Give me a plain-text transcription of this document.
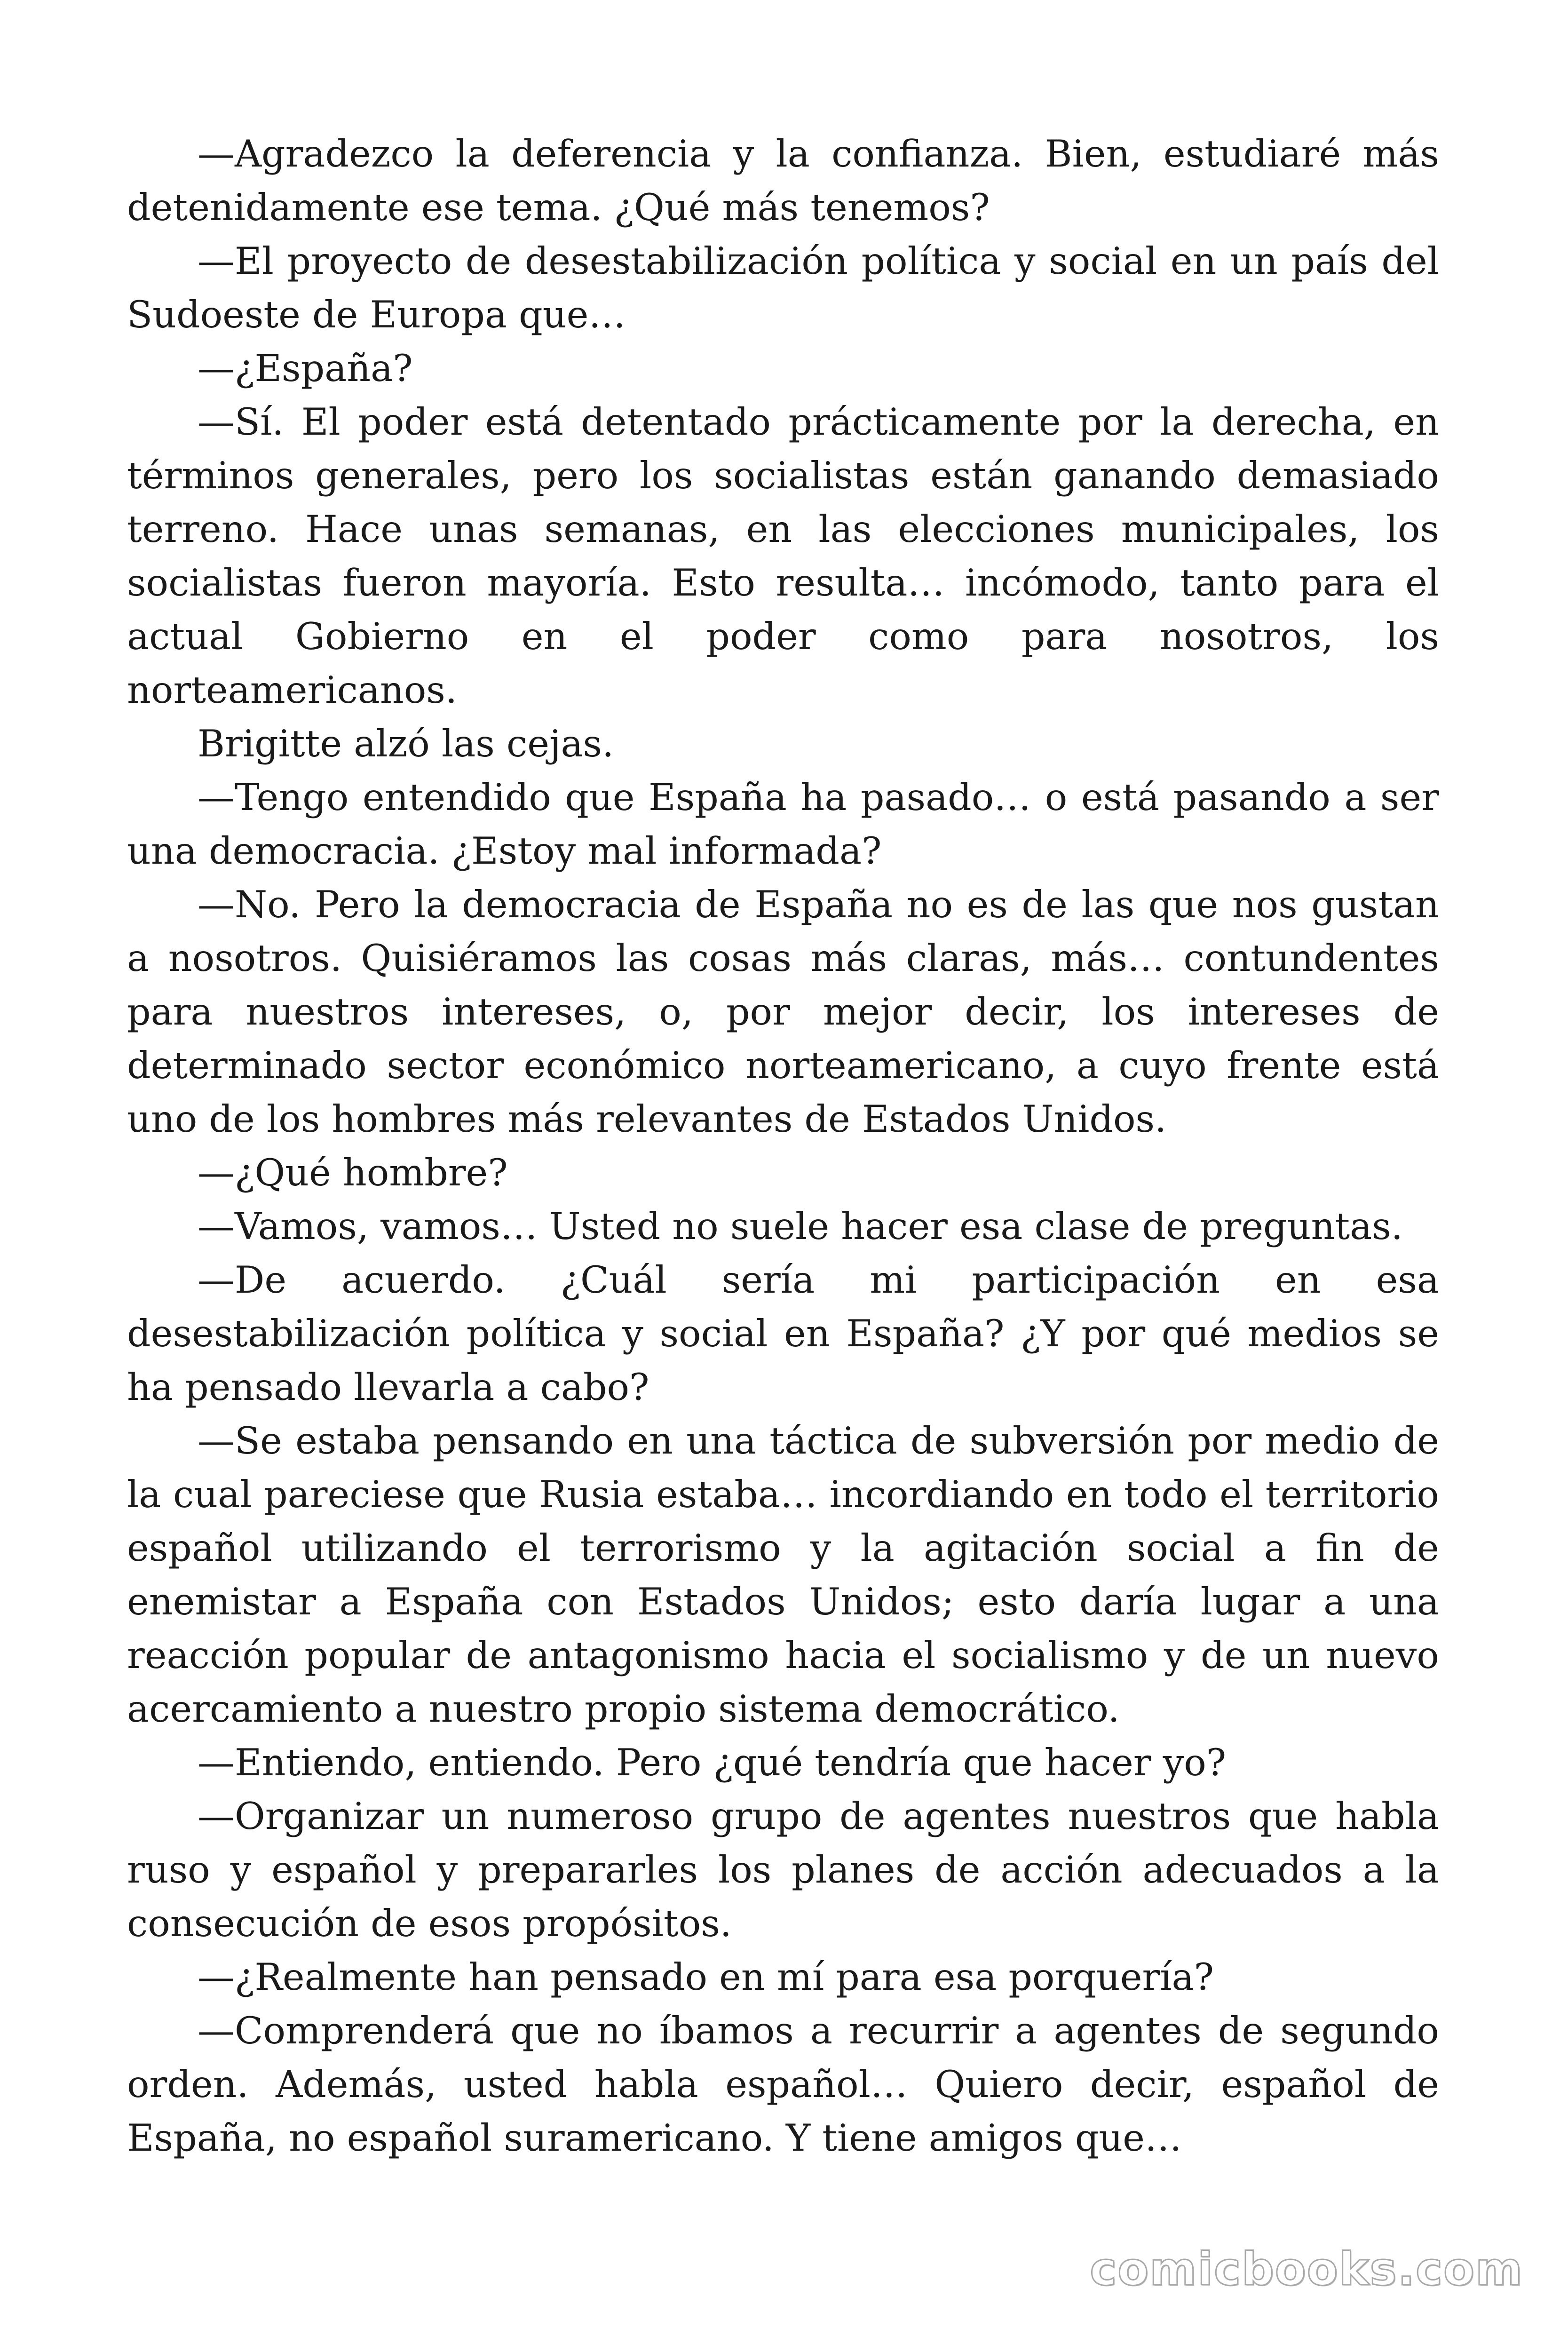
—Agradezco la deferencia y la confianza. Bien, estudiaré más detenidamente ese tema. ¿Qué más tenemos?

—El proyecto de desestabilización política y social en un país del Sudoeste de Europa que…

—¿España?

—Sí. El poder está detentado prácticamente por la derecha, en términos generales, pero los socialistas están ganando demasiado terreno. Hace unas semanas, en las elecciones municipales, los socialistas fueron mayoría. Esto resulta… incómodo, tanto para el actual Gobierno en el poder como para nosotros, los norteamericanos.

Brigitte alzó las cejas.

—Tengo entendido que España ha pasado… o está pasando a ser una democracia. ¿Estoy mal informada?

—No. Pero la democracia de España no es de las que nos gustan a nosotros. Quisiéramos las cosas más claras, más… contundentes para nuestros intereses, o, por mejor decir, los intereses de determinado sector económico norteamericano, a cuyo frente está uno de los hombres más relevantes de Estados Unidos.

—¿Qué hombre?

—Vamos, vamos… Usted no suele hacer esa clase de preguntas.

—De acuerdo. ¿Cuál sería mi participación en esa desestabilización política y social en España? ¿Y por qué medios se ha pensado llevarla a cabo?

—Se estaba pensando en una táctica de subversión por medio de la cual pareciese que Rusia estaba… incordiando en todo el territorio español utilizando el terrorismo y la agitación social a fin de enemistar a España con Estados Unidos; esto daría lugar a una reacción popular de antagonismo hacia el socialismo y de un nuevo acercamiento a nuestro propio sistema democrático.

—Entiendo, entiendo. Pero ¿qué tendría que hacer yo?

—Organizar un numeroso grupo de agentes nuestros que habla ruso y español y prepararles los planes de acción adecuados a la consecución de esos propósitos.

—¿Realmente han pensado en mí para esa porquería?

—Comprenderá que no íbamos a recurrir a agentes de segundo orden. Además, usted habla español… Quiero decir, español de España, no español suramericano. Y tiene amigos que…

comicbooks.com
